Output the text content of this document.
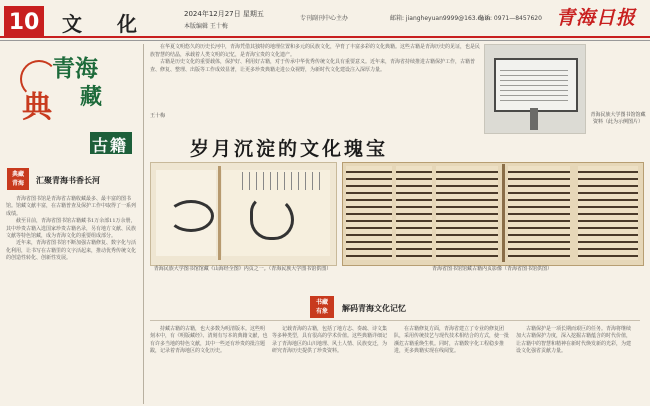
10 文 化	2024年12月27日 星期五
本版编辑 王十梅
专刊副刊中心主办	邮箱: jiangheyuan9999@163.com
电话: 0971—8457620 青海日报
青海
典 藏
古籍
典藏
青海 汇聚青海书香长河

青海省图书馆是青海省古籍收藏最多、最丰富的图书馆。馆藏文献丰富，在古籍普查及保护工作中取得了一系列成绩。

截至目前，青海省图书馆古籍藏书1万余部11万余册，其中珍贵古籍入选国家珍贵古籍名录，另有地方文献、民族文献等特色馆藏，成为青海文化的重要组成部分。

近年来，青海省图书馆不断加强古籍修复、数字化与活化利用，让书写在古籍里的文字活起来，推动优秀传统文化的创造性转化、创新性发展。

在华夏文明悠久的历史长河中，青海凭借其独特的地理位置和多元的民族文化，孕育了丰富多彩的文化典籍。这些古籍是青海历史的见证，也是民族智慧的结晶，承载着人类文明的记忆，是青海宝贵的文化遗产。

古籍是历史文化的重要载体，保护好、利用好古籍，对于传承中华优秀传统文化具有重要意义。近年来，青海省持续推进古籍保护工作，古籍普查、修复、整理、出版等工作成效显著，让更多珍贵典籍走进公众视野，为新时代文化建设注入深厚力量。

王十梅	青海民族大学图书馆馆藏资料（此为示例图片）
岁月沉淀的文化瑰宝
青海民族大学图书馆馆藏《山海经全图》内页之一。（青海民族大学图书馆供图）	青海省图书馆馆藏古籍内页影像（青海省图书馆供图）
书藏
有象 解码青海文化记忆

持藏古籍的古籍，也大多数为明清版本。这些明刻本中，有《明版藏经》、清刻有写本的典籍文献，也有许多当地的特色文献，其中一些还有珍贵的批注题跋，记录着青海地区的文化历史。

记载青海的古籍，包括了地方志、奏疏、诗文集等多种类型，具有很高的学术价值。这些典籍详细记录了青海地区的山川地理、风土人情、民族变迁，为研究青海历史提供了珍贵资料。

在古籍修复方面，青海省建立了专业的修复团队，采用传统技艺与现代技术相结合的方式，使一批濒危古籍重焕生机。同时，古籍数字化工程稳步推进，更多典籍实现在线阅览。

古籍保护是一项长期而艰巨的任务。青海将继续加大古籍保护力度，深入挖掘古籍蕴含的时代价值，让古籍中的智慧和精神在新时代焕发新的光彩，为建设文化强省贡献力量。
